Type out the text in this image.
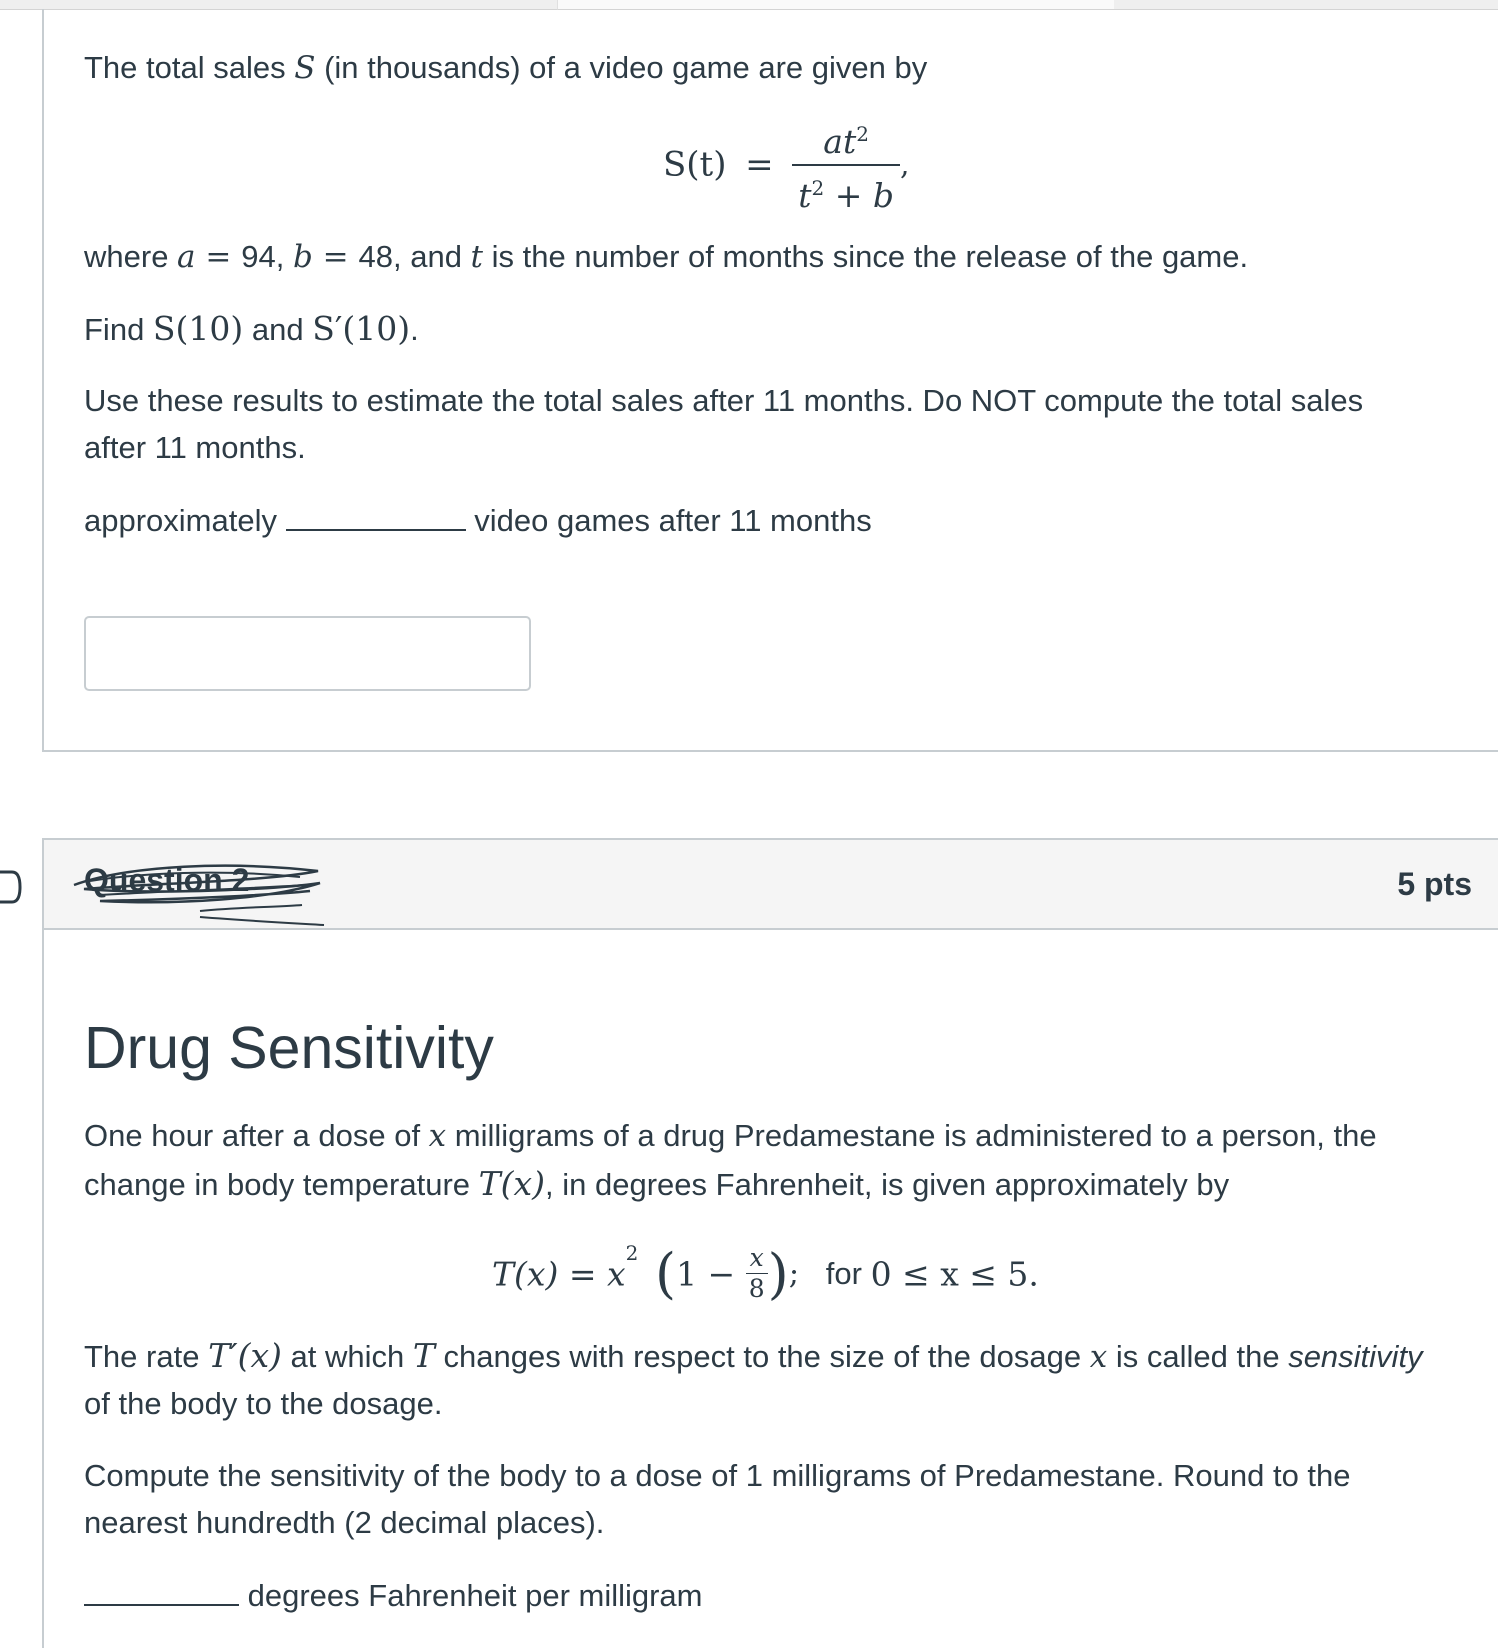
The total sales S (in thousands) of a video game are given by
$S(t) = \frac{at^2}{t^2 + b}$ ,
where a = 94, b = 48, and t is the number of months since the release of the game.
Find S(10) and S′(10).
Use these results to estimate the total sales after 11 months. Do NOT compute the total sales
after 11 months.
approximately	video games after 11 months
Question 2	5 pts
Drug Sensitivity
One hour after a dose of x milligrams of a drug Predamestane is administered to a person, the
change in body temperature T(x), in degrees Fahrenheit, is given approximately by
$T(x) = x^2$ ($1 - \frac{x}{8}$ ); for 0 ≤ x ≤ 5.
The rate T′(x) at which T changes with respect to the size of the dosage x is called the sensitivity
of the body to the dosage.
Compute the sensitivity of the body to a dose of 1 milligrams of Predamestane. Round to the
nearest hundredth (2 decimal places).
degrees Fahrenheit per milligram
